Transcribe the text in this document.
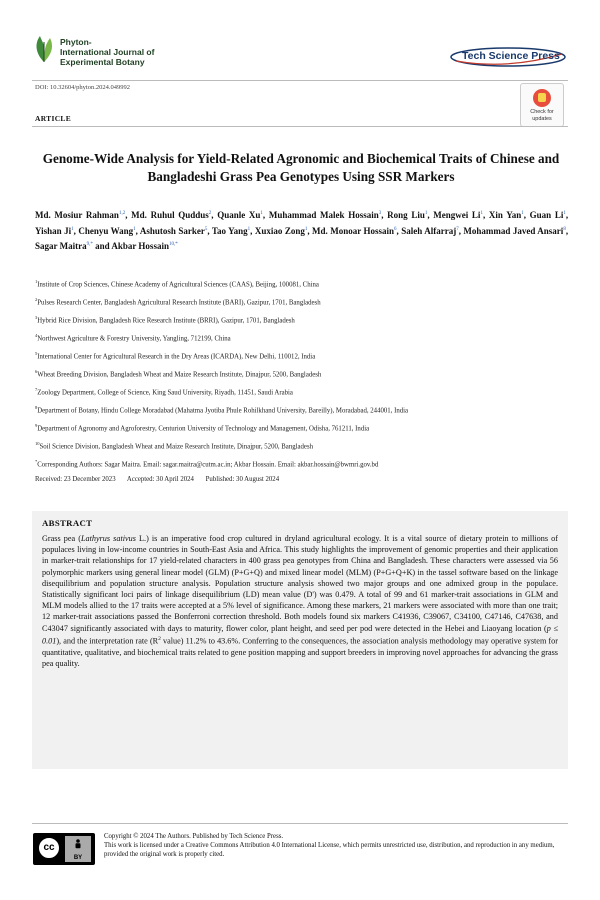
Phyton-
International Journal of
Experimental Botany	Tech Science Press
DOI: 10.32604/phyton.2024.049992
Check for
updates
ARTICLE
Genome-Wide Analysis for Yield-Related Agronomic and Biochemical Traits of Chinese and Bangladeshi Grass Pea Genotypes Using SSR Markers
Md. Mosiur Rahman$^{1,2}$, Md. Ruhul Quddus$^2$, Quanle Xu$^1$, Muhammad Malek Hossain$^3$, Rong Liu$^1$, Mengwei Li$^1$, Xin Yan$^1$, Guan Li$^1$, Yishan Ji$^1$, Chenyu Wang$^1$, Ashutosh Sarker$^5$, Tao Yang$^1$, Xuxiao Zong$^1$, Md. Monoar Hossain$^6$, Saleh Alfarraj$^7$, Mohammad Javed Ansari$^8$, Sagar Maitra$^{9,*}$ and Akbar Hossain$^{10,*}$
$^1$Institute of Crop Sciences, Chinese Academy of Agricultural Sciences (CAAS), Beijing, 100081, China
$^2$Pulses Research Center, Bangladesh Agricultural Research Institute (BARI), Gazipur, 1701, Bangladesh
$^3$Hybrid Rice Division, Bangladesh Rice Research Institute (BRRI), Gazipur, 1701, Bangladesh
$^4$Northwest Agriculture & Forestry University, Yangling, 712199, China
$^5$International Center for Agricultural Research in the Dry Areas (ICARDA), New Delhi, 110012, India
$^6$Wheat Breeding Division, Bangladesh Wheat and Maize Research Institute, Dinajpur, 5200, Bangladesh
$^7$Zoology Department, College of Science, King Saud University, Riyadh, 11451, Saudi Arabia
$^8$Department of Botany, Hindu College Moradabad (Mahatma Jyotiba Phule Rohilkhand University, Bareilly), Moradabad, 244001, India
$^9$Department of Agronomy and Agroforestry, Centurion University of Technology and Management, Odisha, 761211, India
$^{10}$Soil Science Division, Bangladesh Wheat and Maize Research Institute, Dinajpur, 5200, Bangladesh
*Corresponding Authors: Sagar Maitra. Email: sagar.maitra@cutm.ac.in; Akbar Hossain. Email: akbar.hossain@bwmri.gov.bd
Received: 23 December 2023 Accepted: 30 April 2024 Published: 30 August 2024
ABSTRACT
Grass pea (Lathyrus sativus L.) is an imperative food crop cultured in dryland agricultural ecology. It is a vital source of dietary protein to millions of populaces living in low-income countries in South-East Asia and Africa. This study highlights the improvement of genomic properties and their application in marker-trait relationships for 17 yield-related characters in 400 grass pea genotypes from China and Bangladesh. These characters were assessed via 56 polymorphic markers using general linear model (GLM) (P+G+Q) and mixed linear model (MLM) (P+G+Q+K) in the tassel software based on the linkage disequilibrium and population structure analysis. Population structure analysis showed two major groups and one admixed group in the populace. Statistically significant loci pairs of linkage disequilibrium (LD) mean value (D') was 0.479. A total of 99 and 61 marker-trait associations in GLM and MLM models allied to the 17 traits were accepted at a 5% level of significance. Among these markers, 21 markers were associated with more than one trait; 12 marker-trait associations passed the Bonferroni correction threshold. Both models found six markers C41936, C39067, C34100, C47146, C47638, and C43047 significantly associated with days to maturity, flower color, plant height, and seed per pod were detected in the Hebei and Liaoyang location (p ≤ 0.01), and the interpretation rate ($R^2$ value) 11.2% to 43.6%. Conferring to the consequences, the association analysis methodology may operative system for quantitative, qualitative, and biochemical traits related to gene position mapping and support breeders in improving novel approaches for advancing the grass pea quality.
cc
BY

Copyright © 2024 The Authors. Published by Tech Science Press.

This work is licensed under a Creative Commons Attribution 4.0 International License, which permits unrestricted use, distribution, and reproduction in any medium, provided the original work is properly cited.
